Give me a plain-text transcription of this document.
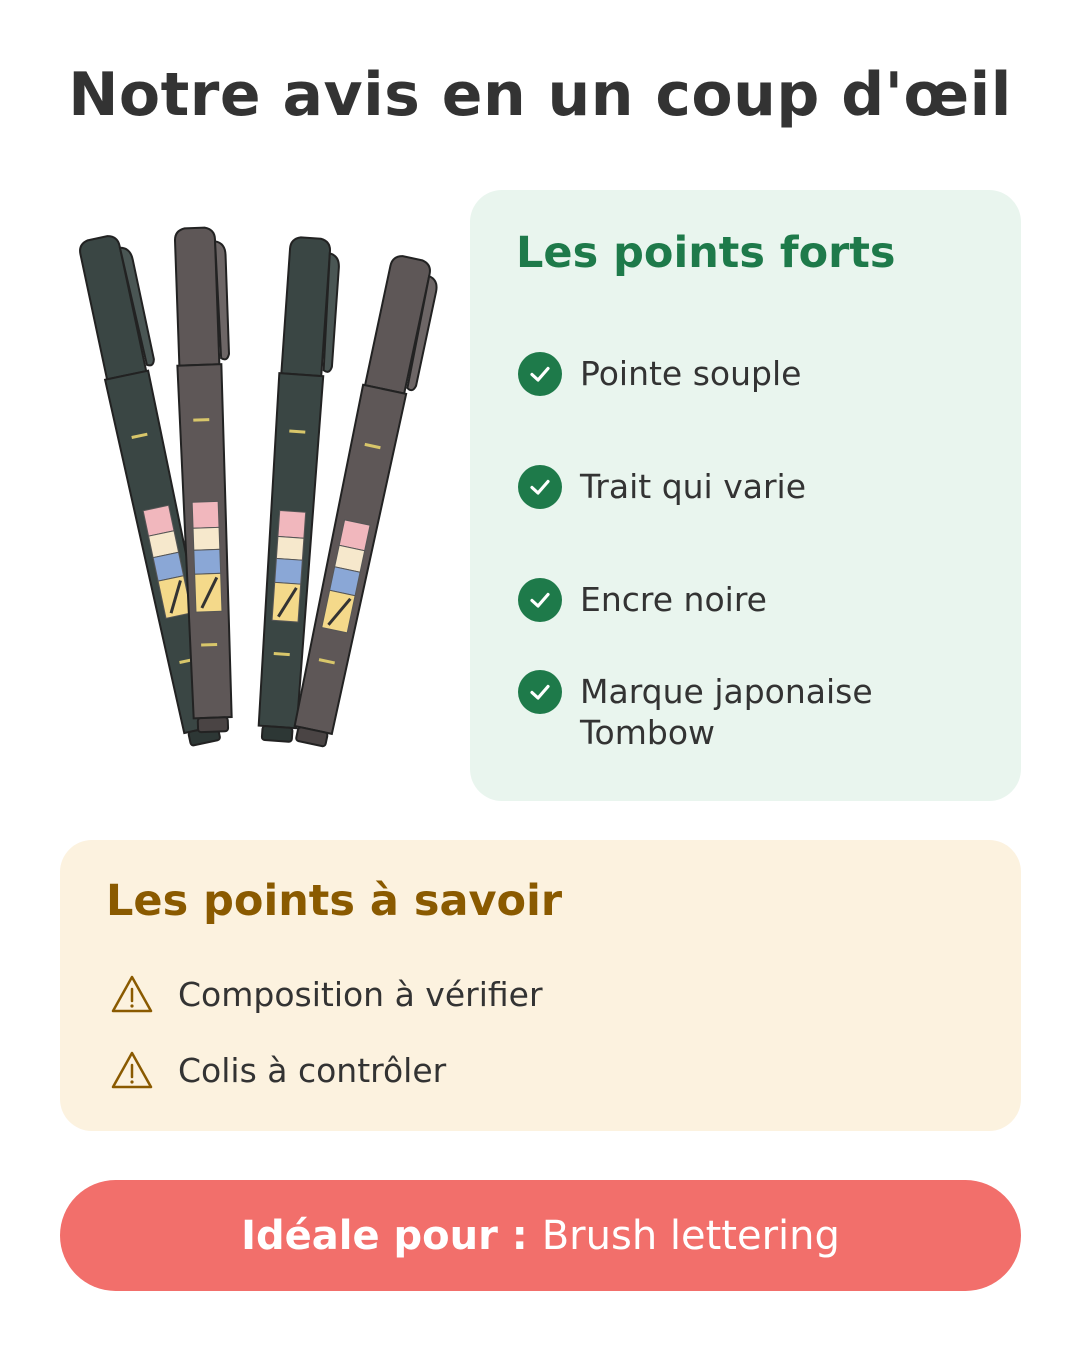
Notre avis en un coup d'œil
Les points forts
Pointe souple
Trait qui varie
Encre noire
Marque japonaise Tombow
Les points à savoir
Composition à vérifier
Colis à contrôler
Idéale pour : Brush lettering
